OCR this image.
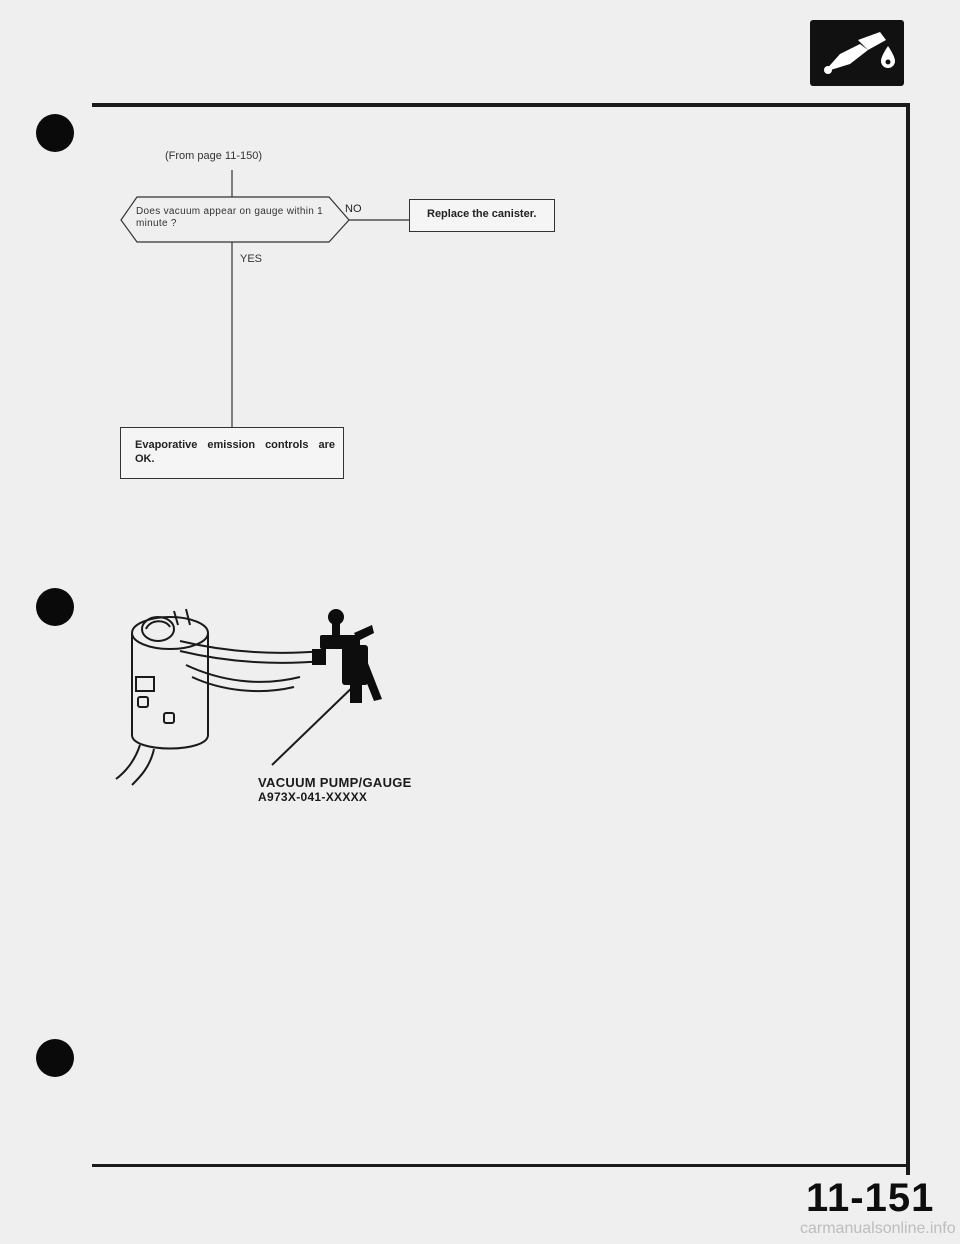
(From page 11-150)
Does vacuum appear on gauge within 1 minute ?
NO
YES
Replace the canister.
Evaporative emission controls are OK.
VACUUM PUMP/GAUGE
A973X-041-XXXXX
11-151
carmanualsonline.info
